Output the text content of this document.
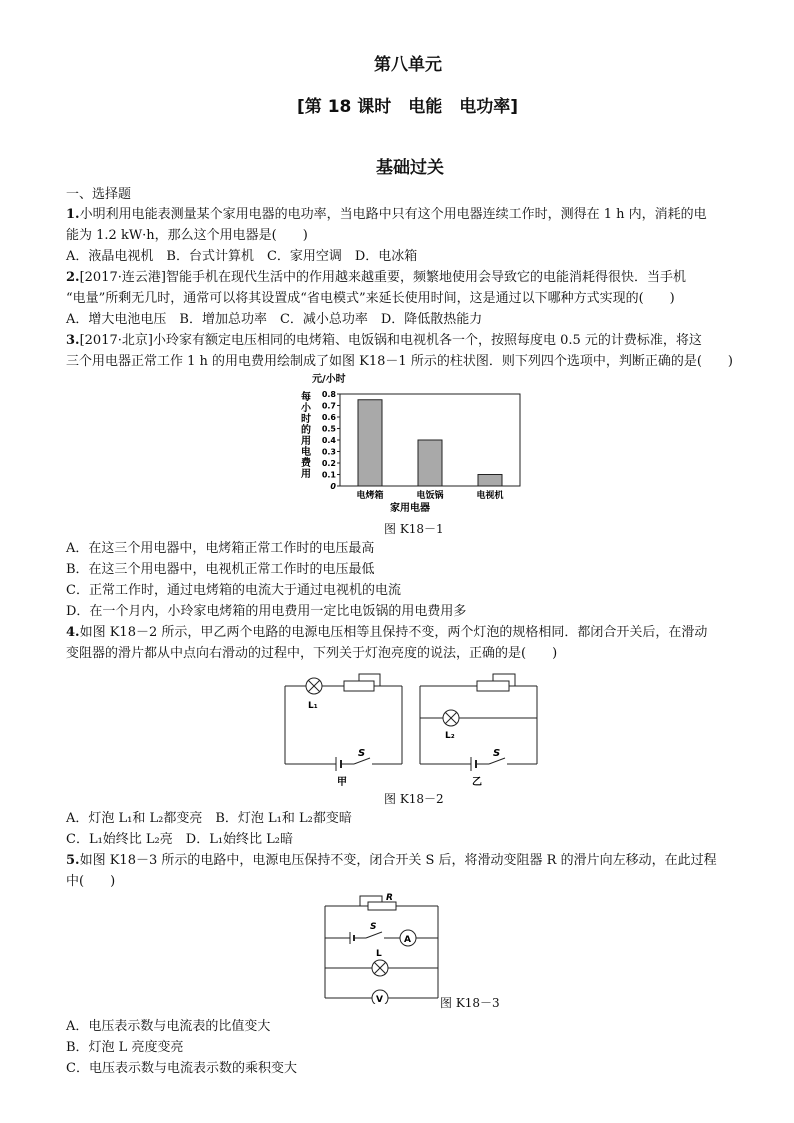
第八单元
[第 18 课时　电能　电功率]
基础过关
一、选择题
1.小明利用电能表测量某个家用电器的电功率，当电路中只有这个用电器连续工作时，测得在 1 h 内，消耗的电
能为 1.2 kW·h，那么这个用电器是(　　)
A．液晶电视机　B．台式计算机　C．家用空调　D．电冰箱
2.[2017·连云港]智能手机在现代生活中的作用越来越重要，频繁地使用会导致它的电能消耗得很快．当手机
“电量”所剩无几时，通常可以将其设置成“省电模式”来延长使用时间，这是通过以下哪种方式实现的(　　)
A．增大电池电压　B．增加总功率　C．减小总功率　D．降低散热能力
3.[2017·北京]小玲家有额定电压相同的电烤箱、电饭锅和电视机各一个，按照每度电 0.5 元的计费标准，将这
三个用电器正常工作 1 h 的用电费用绘制成了如图 K18－1 所示的柱状图．则下列四个选项中，判断正确的是(　　)
元/小时
每
小
时
的
用
电
费
用
0
0.1
0.2
0.3
0.4
0.5
0.6
0.7
0.8
电烤箱	电饭锅	电视机
家用电器
图 K18－1
A．在这三个用电器中，电烤箱正常工作时的电压最高
B．在这三个用电器中，电视机正常工作时的电压最低
C．正常工作时，通过电烤箱的电流大于通过电视机的电流
D．在一个月内，小玲家电烤箱的用电费用一定比电饭锅的用电费用多
4.如图 K18－2 所示，甲乙两个电路的电源电压相等且保持不变，两个灯泡的规格相同．都闭合开关后，在滑动
变阻器的滑片都从中点向右滑动的过程中，下列关于灯泡亮度的说法，正确的是(　　)
L₁
S
甲
L₂
S
乙
图 K18－2
A．灯泡 L₁和 L₂都变亮　B．灯泡 L₁和 L₂都变暗
C．L₁始终比 L₂亮　D．L₁始终比 L₂暗
5.如图 K18－3 所示的电路中，电源电压保持不变，闭合开关 S 后，将滑动变阻器 R 的滑片向左移动，在此过程
中(　　)
R
S
A
L
V	图 K18－3
A．电压表示数与电流表的比值变大
B．灯泡 L 亮度变亮
C．电压表示数与电流表示数的乘积变大
